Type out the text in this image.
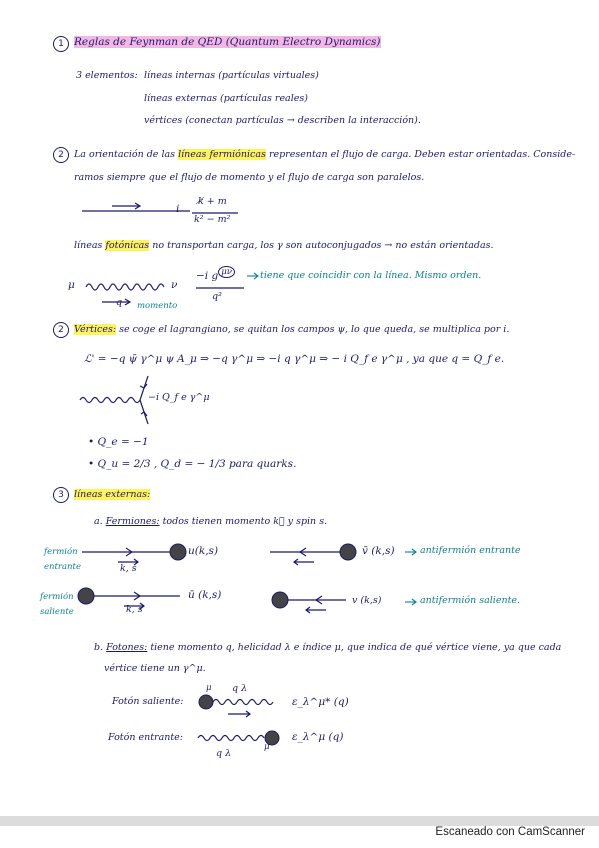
1 Reglas de Feynman de QED (Quantum Electro Dynamics)
3 elementos: líneas internas (partículas virtuales)
líneas externas (partículas reales)
vértices (conectan partículas → describen la interacción).
2	La orientación de las líneas fermiónicas representan el flujo de carga. Deben estar orientadas. Conside-
ramos siempre que el flujo de momento y el flujo de carga son paralelos.
i
k̸ + m
k² − m²
líneas fotónicas no transportan carga, los γ son autoconjugados → no están orientadas.
μ	ν
q momento
−i g $^{\mu\nu}$
q²
tiene que coincidir con la línea. Mismo orden.
2	Vértices: se coge el lagrangiano, se quitan los campos ψ, lo que queda, se multiplica por i.
ℒ' = −q ψ̄ γ^μ ψ A_μ ⇒ −q γ^μ ⇒ −i q γ^μ ⇒ − i Q_f e γ^μ , ya que q = Q_f e.
−i Q_f e γ^μ
• Q_e = −1
• Q_u = 2/3 , Q_d = − 1/3 para quarks.
3	líneas externas:
a. Fermiones: todos tienen momento k⃗ y spin s.
fermión entrante	k, s
u(k,s)	v̄ (k,s)	antifermión entrante
fermión saliente	k, s
ū (k,s)	v (k,s)	antifermión saliente.
b. Fotones: tiene momento q, helicidad λ e índice μ, que indica de qué vértice viene, ya que cada
vértice tiene un γ^μ.
Fotón saliente:
μ q λ
ε_λ^μ* (q)
Fotón entrante:
μ
q λ
ε_λ^μ (q)
Escaneado con CamScanner
